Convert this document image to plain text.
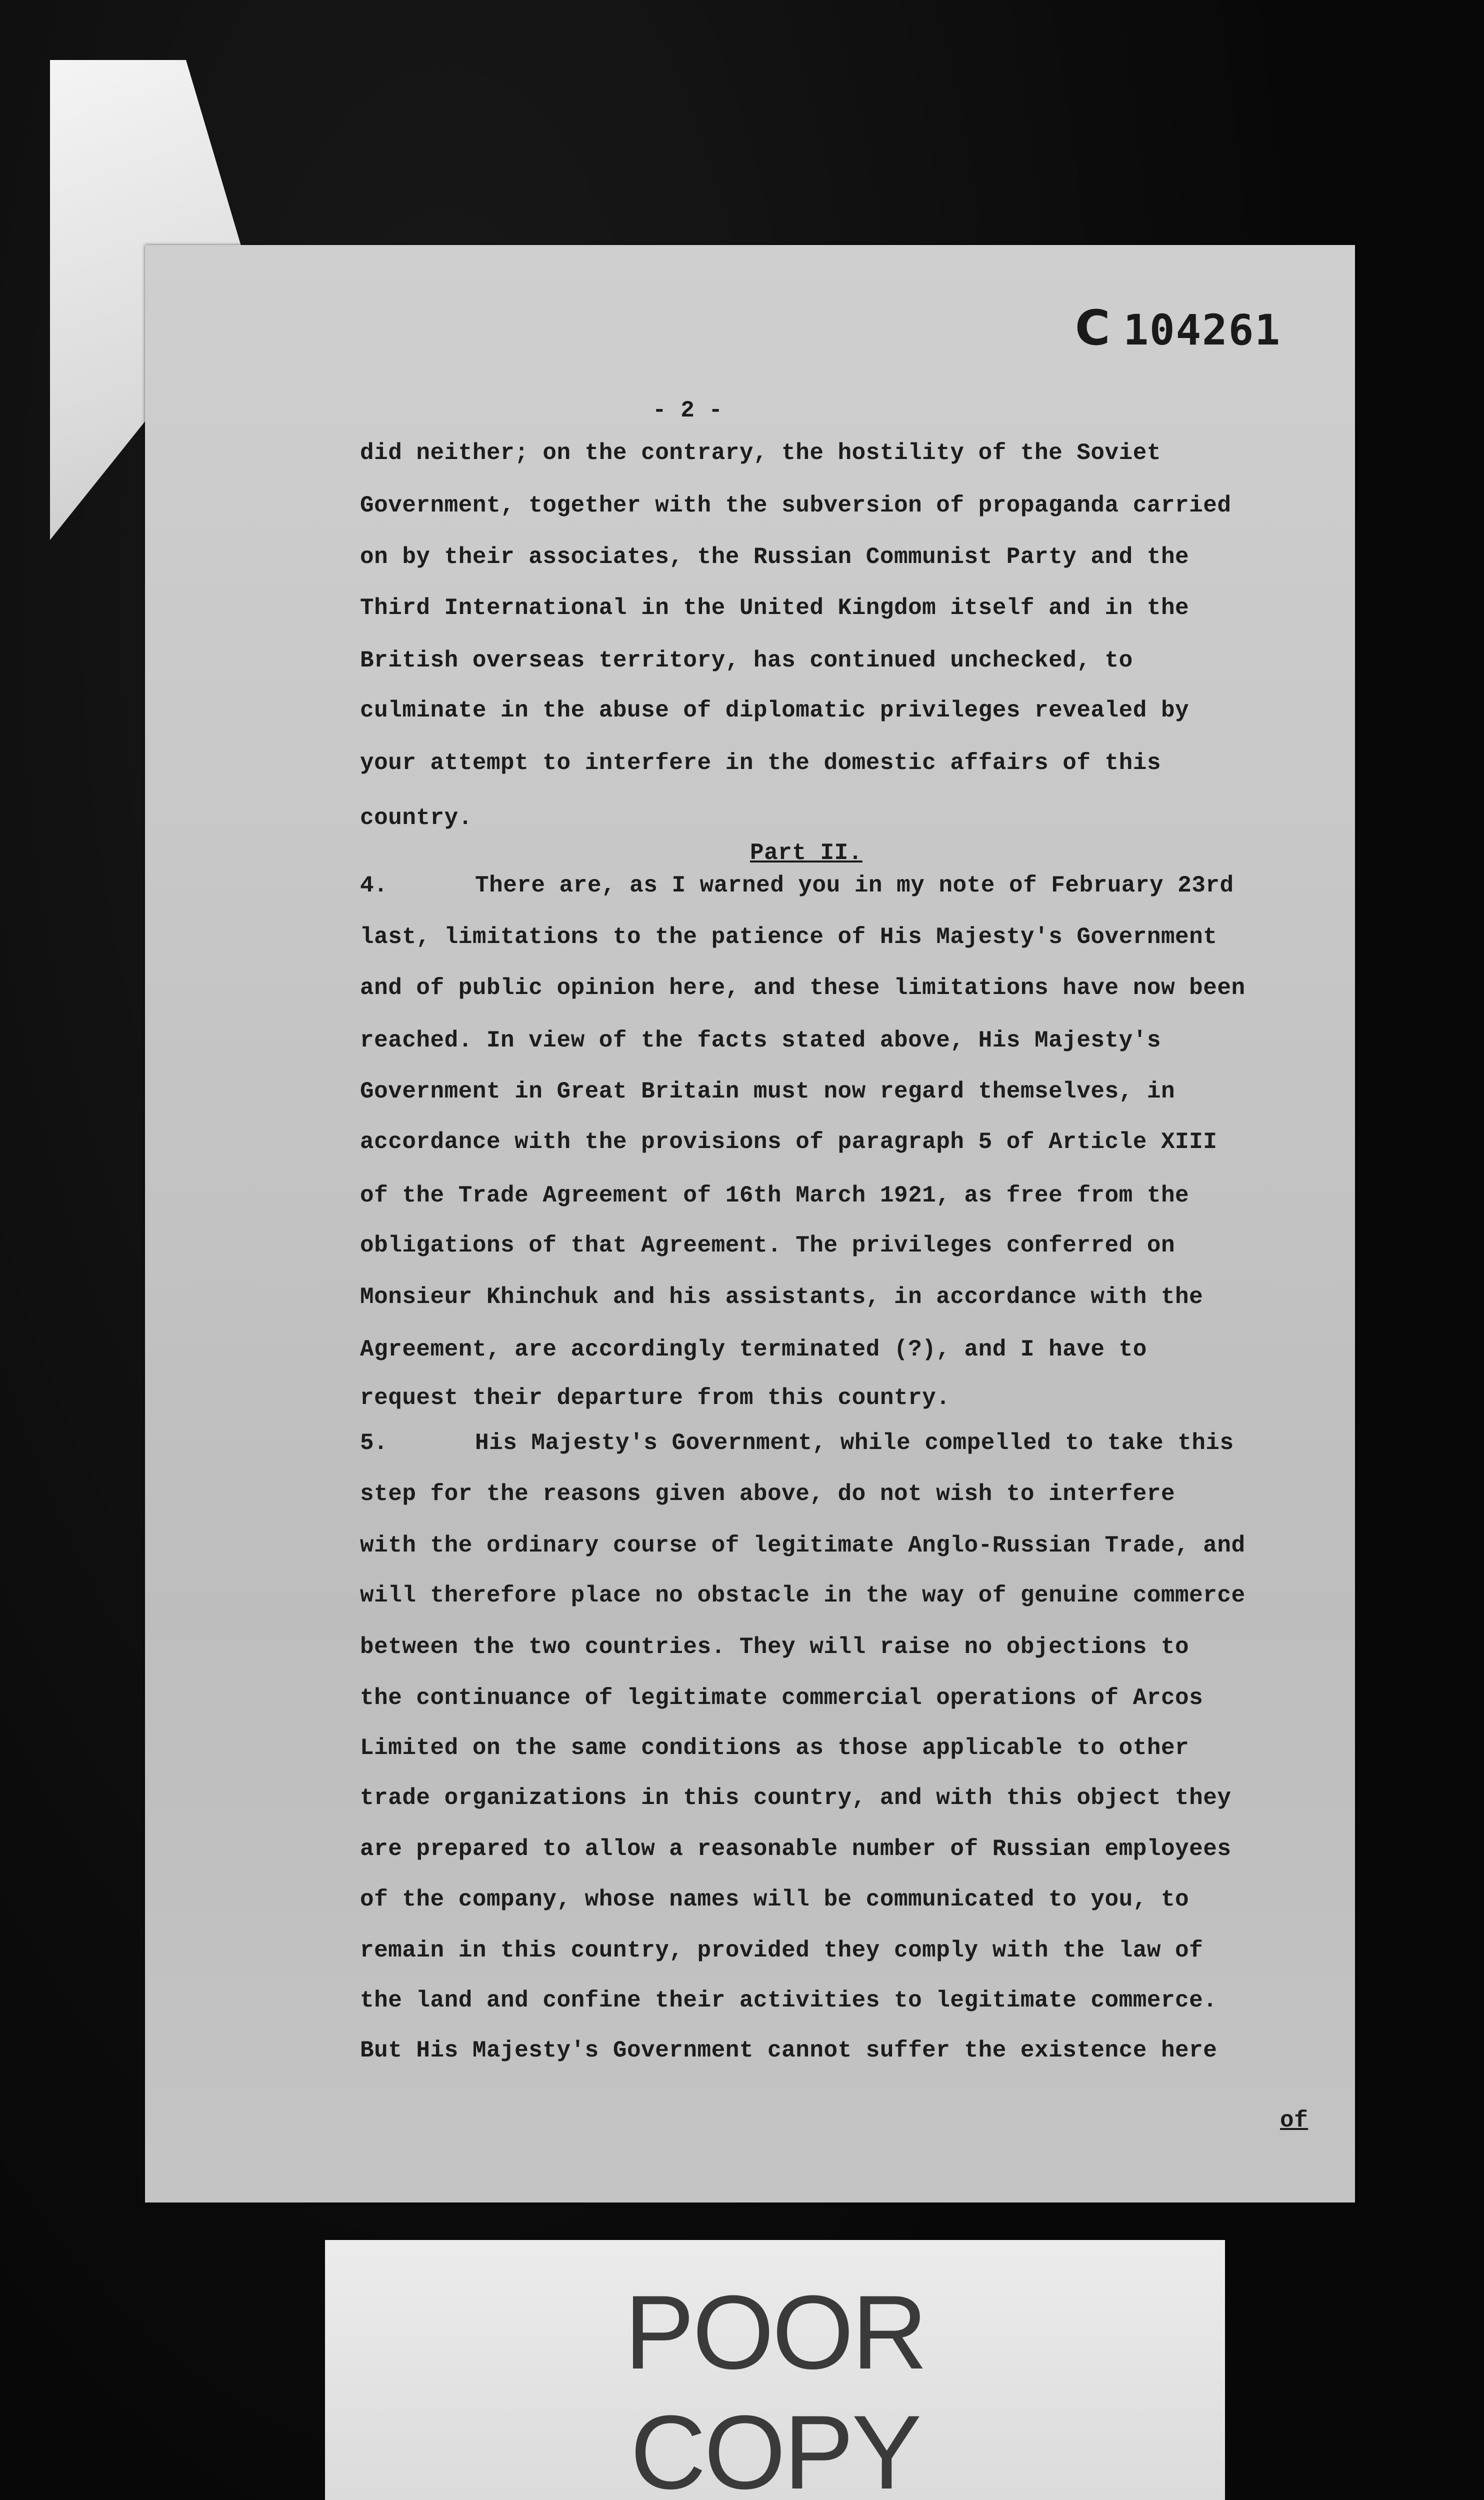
C 104261
- 2 -
did neither; on the contrary, the hostility of the Soviet
Government, together with the subversion of propaganda carried
on by their associates, the Russian Communist Party and the
Third International in the United Kingdom itself and in the
British overseas territory, has continued unchecked, to
culminate in the abuse of diplomatic privileges revealed by
your attempt to interfere in the domestic affairs of this
country.
4.	There are, as I warned you in my note of February 23rd
last, limitations to the patience of His Majesty's Government
and of public opinion here, and these limitations have now been
reached. In view of the facts stated above, His Majesty's
Government in Great Britain must now regard themselves, in
accordance with the provisions of paragraph 5 of Article XIII
of the Trade Agreement of 16th March 1921, as free from the
obligations of that Agreement. The privileges conferred on
Monsieur Khinchuk and his assistants, in accordance with the
Agreement, are accordingly terminated (?), and I have to
request their departure from this country.
5.	His Majesty's Government, while compelled to take this
step for the reasons given above, do not wish to interfere
with the ordinary course of legitimate Anglo-Russian Trade, and
will therefore place no obstacle in the way of genuine commerce
between the two countries. They will raise no objections to
the continuance of legitimate commercial operations of Arcos
Limited on the same conditions as those applicable to other
trade organizations in this country, and with this object they
are prepared to allow a reasonable number of Russian employees
of the company, whose names will be communicated to you, to
remain in this country, provided they comply with the law of
the land and confine their activities to legitimate commerce.
But His Majesty's Government cannot suffer the existence here
Part II.
of
POOR
COPY
